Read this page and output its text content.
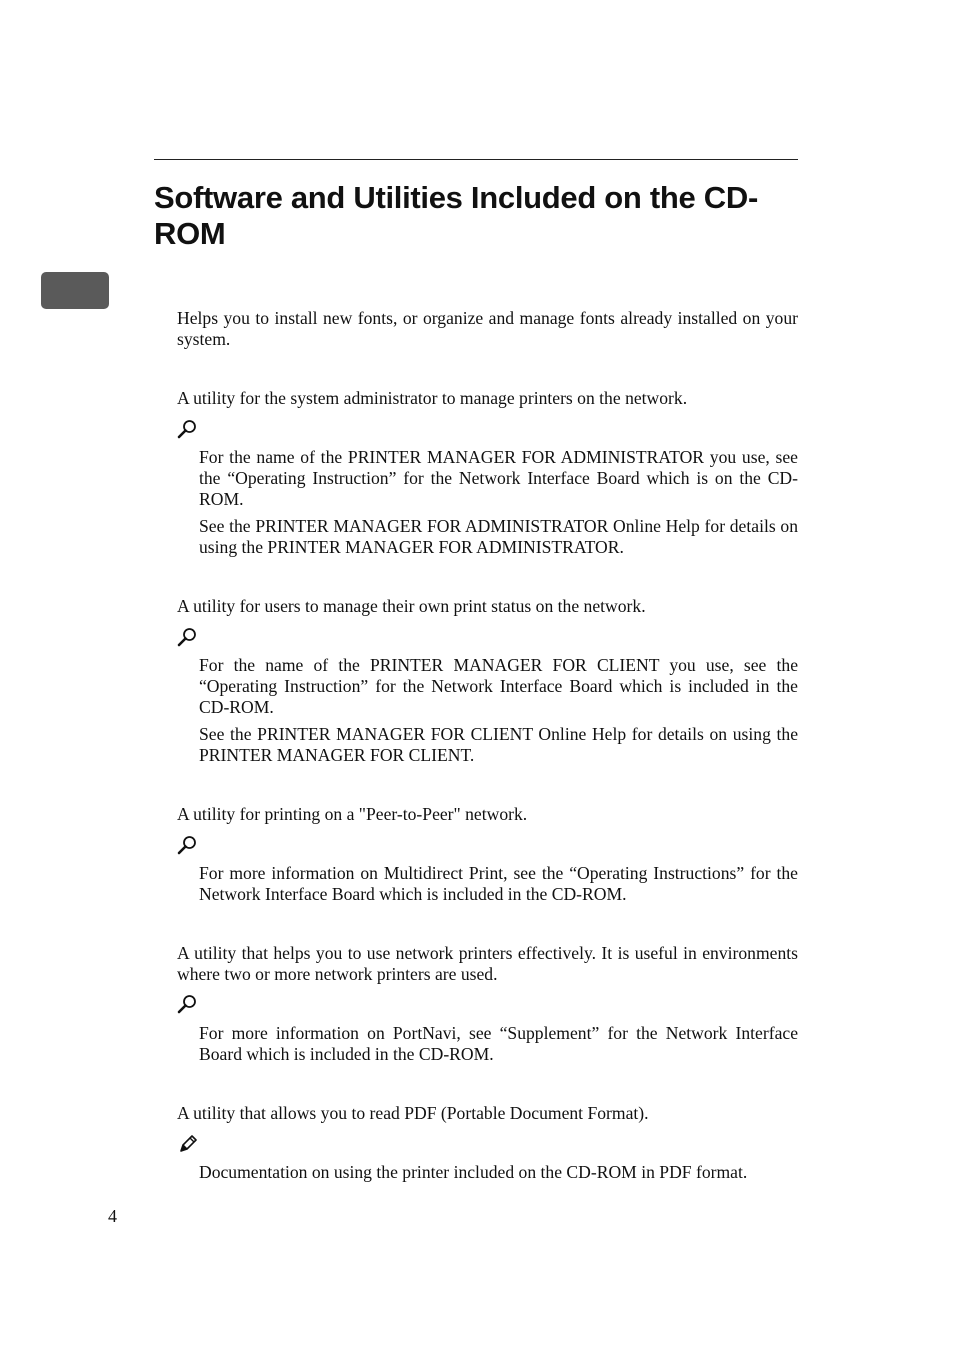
Software and Utilities Included on the CD-ROM

Helps you to install new fonts, or organize and manage fonts already installed on your system.

A utility for the system administrator to manage printers on the network.

For the name of the PRINTER MANAGER FOR ADMINISTRATOR you use, see the “Operating Instruction” for the Network Interface Board which is on the CD-ROM.

See the PRINTER MANAGER FOR ADMINISTRATOR Online Help for details on using the PRINTER MANAGER FOR ADMINISTRATOR.

A utility for users to manage their own print status on the network.

For the name of the PRINTER MANAGER FOR CLIENT you use, see the “Operating Instruction” for the Network Interface Board which is included in the CD-ROM.

See the PRINTER MANAGER FOR CLIENT Online Help for details on using the PRINTER MANAGER FOR CLIENT.

A utility for printing on a "Peer-to-Peer" network.

For more information on Multidirect Print, see the “Operating Instructions” for the Network Interface Board which is included in the CD-ROM.

A utility that helps you to use network printers effectively. It is useful in environments where two or more network printers are used.

For more information on PortNavi, see “Supplement” for the Network Interface Board which is included in the CD-ROM.

A utility that allows you to read PDF (Portable Document Format).

Documentation on using the printer included on the CD-ROM in PDF format.

4
